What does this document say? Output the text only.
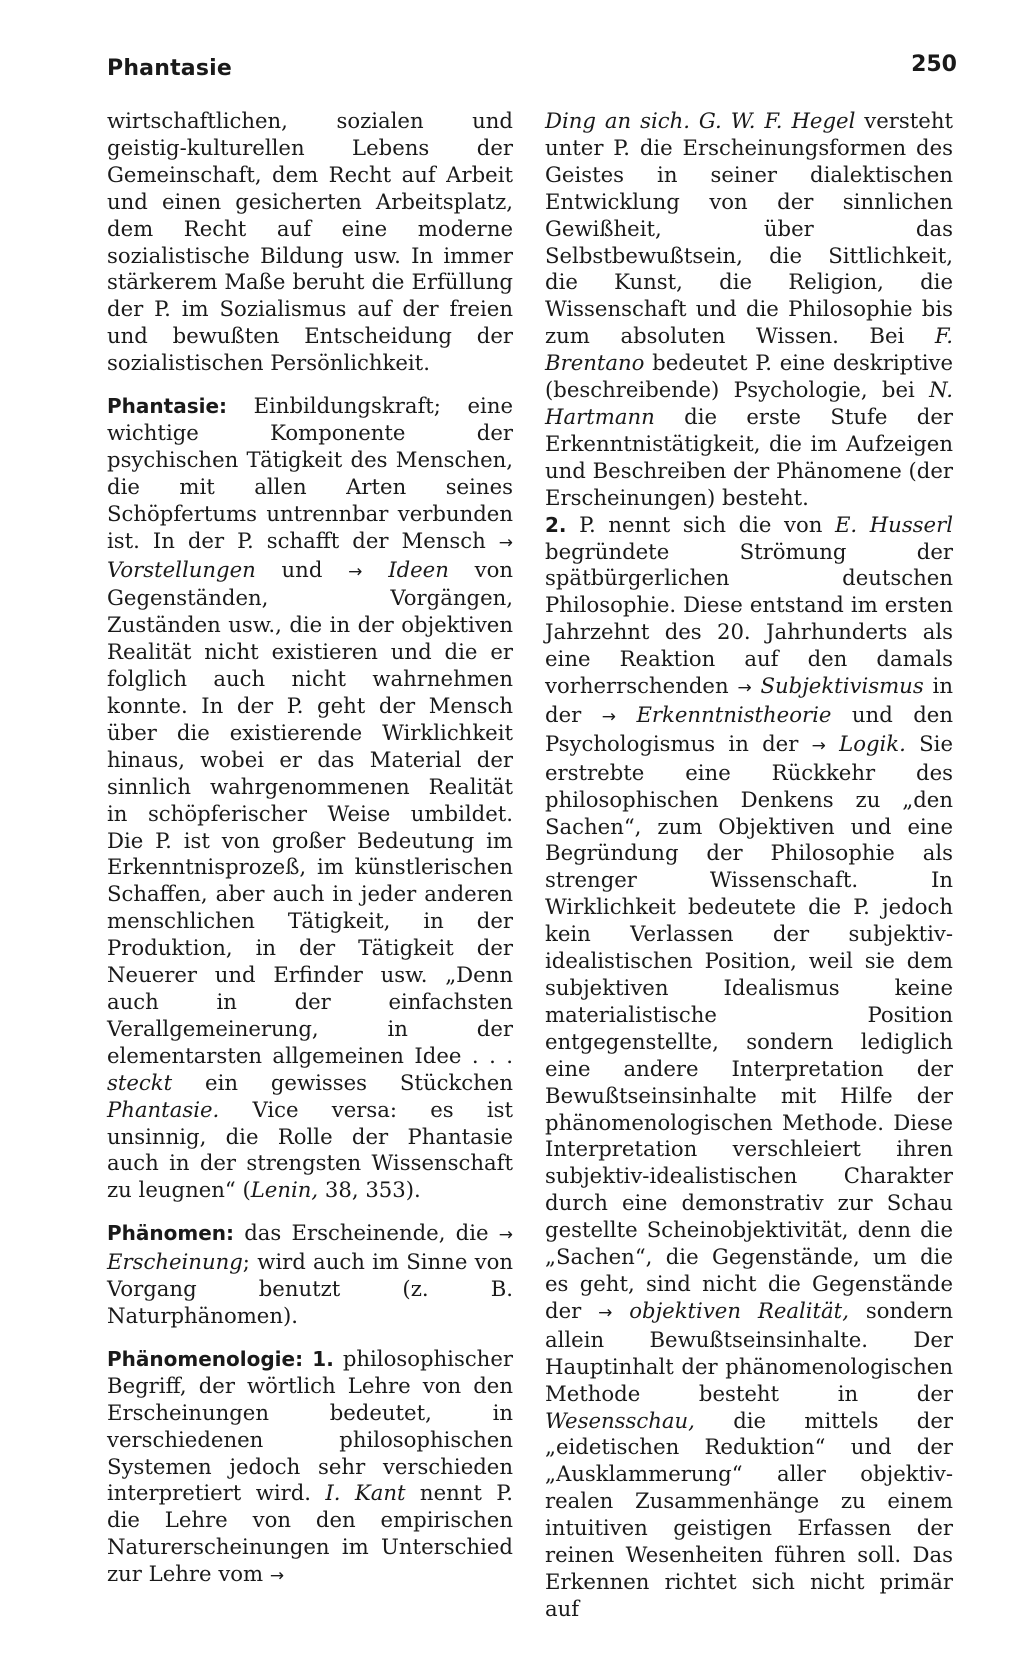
Phantasie	250

wirtschaftlichen, sozialen und geistig-kulturellen Lebens der Gemeinschaft, dem Recht auf Arbeit und einen gesicherten Arbeitsplatz, dem Recht auf eine moderne sozialistische Bildung usw. In immer stärkerem Maße beruht die Erfüllung der P. im Sozialismus auf der freien und bewußten Entscheidung der sozialistischen Persönlichkeit.

Phantasie: Einbildungskraft; eine wichtige Komponente der psychischen Tätigkeit des Menschen, die mit allen Arten seines Schöpfertums untrennbar verbunden ist. In der P. schafft der Mensch → Vorstellungen und → Ideen von Gegenständen, Vorgängen, Zuständen usw., die in der objektiven Realität nicht existieren und die er folglich auch nicht wahrnehmen konnte. In der P. geht der Mensch über die existierende Wirklichkeit hinaus, wobei er das Material der sinnlich wahrgenommenen Realität in schöpferischer Weise umbildet. Die P. ist von großer Bedeutung im Erkenntnisprozeß, im künstlerischen Schaffen, aber auch in jeder anderen menschlichen Tätigkeit, in der Produktion, in der Tätigkeit der Neuerer und Erfinder usw. „Denn auch in der einfachsten Verallgemeinerung, in der elementarsten allgemeinen Idee . . . steckt ein gewisses Stückchen Phantasie. Vice versa: es ist unsinnig, die Rolle der Phantasie auch in der strengsten Wissenschaft zu leugnen“ (Lenin, 38, 353).

Phänomen: das Erscheinende, die → Erscheinung; wird auch im Sinne von Vorgang benutzt (z. B. Naturphänomen).

Phänomenologie: 1. philosophischer Begriff, der wörtlich Lehre von den Erscheinungen bedeutet, in verschiedenen philosophischen Systemen jedoch sehr verschieden interpretiert wird. I. Kant nennt P. die Lehre von den empirischen Naturerscheinungen im Unterschied zur Lehre vom →

Ding an sich. G. W. F. Hegel versteht unter P. die Erscheinungsformen des Geistes in seiner dialektischen Entwicklung von der sinnlichen Gewißheit, über das Selbstbewußtsein, die Sittlichkeit, die Kunst, die Religion, die Wissenschaft und die Philosophie bis zum absoluten Wissen. Bei F. Brentano bedeutet P. eine deskriptive (beschreibende) Psychologie, bei N. Hartmann die erste Stufe der Erkenntnistätigkeit, die im Aufzeigen und Beschreiben der Phänomene (der Erscheinungen) besteht.

2. P. nennt sich die von E. Husserl begründete Strömung der spätbürgerlichen deutschen Philosophie. Diese entstand im ersten Jahrzehnt des 20. Jahrhunderts als eine Reaktion auf den damals vorherrschenden → Subjektivismus in der → Erkenntnistheorie und den Psychologismus in der → Logik. Sie erstrebte eine Rückkehr des philosophischen Denkens zu „den Sachen“, zum Objektiven und eine Begründung der Philosophie als strenger Wissenschaft. In Wirklichkeit bedeutete die P. jedoch kein Verlassen der subjektiv-idealistischen Position, weil sie dem subjektiven Idealismus keine materialistische Position entgegenstellte, sondern lediglich eine andere Interpretation der Bewußtseinsinhalte mit Hilfe der phänomenologischen Methode. Diese Interpretation verschleiert ihren subjektiv-idealistischen Charakter durch eine demonstrativ zur Schau gestellte Scheinobjektivität, denn die „Sachen“, die Gegenstände, um die es geht, sind nicht die Gegenstände der → objektiven Realität, sondern allein Bewußtseinsinhalte. Der Hauptinhalt der phänomenologischen Methode besteht in der Wesensschau, die mittels der „eidetischen Reduktion“ und der „Ausklammerung“ aller objektiv-realen Zusammenhänge zu einem intuitiven geistigen Erfassen der reinen Wesenheiten führen soll. Das Erkennen richtet sich nicht primär auf
